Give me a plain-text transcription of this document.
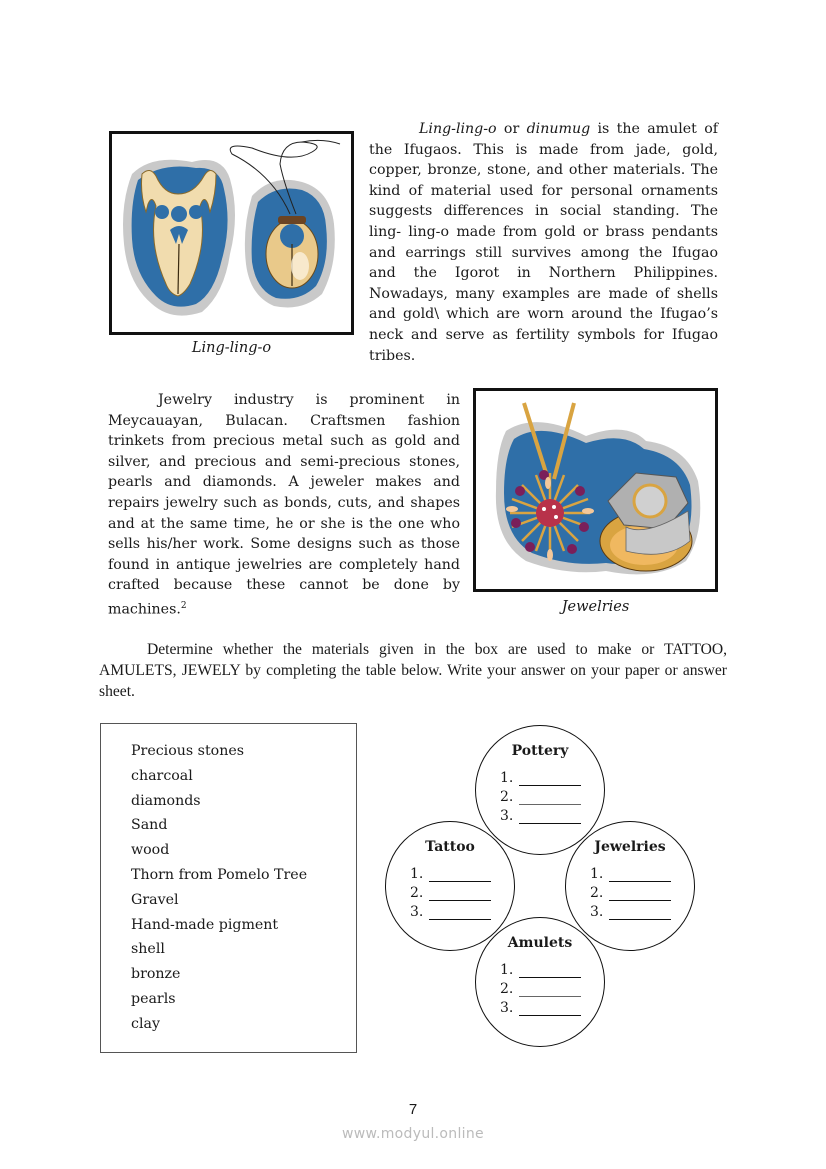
Ling-ling-o

Ling-ling-o or dinumug is the amulet of the Ifugaos. This is made from jade, gold, copper, bronze, stone, and other materials. The kind of material used for personal ornaments suggests differences in social standing. The ling- ling-o made from gold or brass pendants and earrings still survives among the Ifugao and the Igorot in Northern Philippines. Nowadays, many examples are made of shells and gold\ which are worn around the Ifugao’s neck and serve as fertility symbols for Ifugao tribes.

Jewelry industry is prominent in Meycauayan, Bulacan. Craftsmen fashion trinkets from precious metal such as gold and silver, and precious and semi-precious stones, pearls and diamonds. A jeweler makes and repairs jewelry such as bonds, cuts, and shapes and at the same time, he or she is the one who sells his/her work. Some designs such as those found in antique jewelries are completely hand crafted because these cannot be done by machines.$^2$	Jewelries

Determine whether the materials given in the box are used to make or TATTOO, AMULETS, JEWELY by completing the table below. Write your answer on your paper or answer sheet.

Precious stones
charcoal
diamonds
Sand
wood
Thorn from Pomelo Tree
Gravel
Hand-made pigment
shell
bronze
pearls
clay
Pottery
1.
2.
3.
Tattoo
1.
2.
3.
Jewelries
1.
2.
3.
Amulets
1.
2.
3.
7
www.modyul.online
